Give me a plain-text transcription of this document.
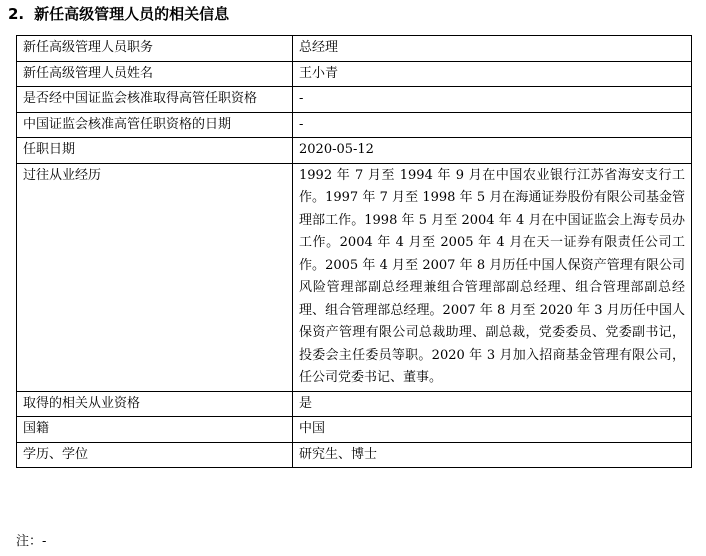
2. 新任高级管理人员的相关信息
新任高级管理人员职务	总经理
新任高级管理人员姓名	王小青
是否经中国证监会核准取得高管任职资格	-
中国证监会核准高管任职资格的日期	-
任职日期	2020-05-12
过往从业经历	1992 年 7 月至 1994 年 9 月在中国农业银行江苏省海安支行工作。1997 年 7 月至 1998 年 5 月在海通证券股份有限公司基金管理部工作。1998 年 5 月至 2004 年 4 月在中国证监会上海专员办工作。2004 年 4 月至 2005 年 4 月在天一证券有限责任公司工作。2005 年 4 月至 2007 年 8 月历任中国人保资产管理有限公司风险管理部副总经理兼组合管理部副总经理、组合管理部副总经理、组合管理部总经理。2007 年 8 月至 2020 年 3 月历任中国人保资产管理有限公司总裁助理、副总裁，党委委员、党委副书记，投委会主任委员等职。2020 年 3 月加入招商基金管理有限公司，任公司党委书记、董事。
取得的相关从业资格	是
国籍	中国
学历、学位	研究生、博士
注：-
